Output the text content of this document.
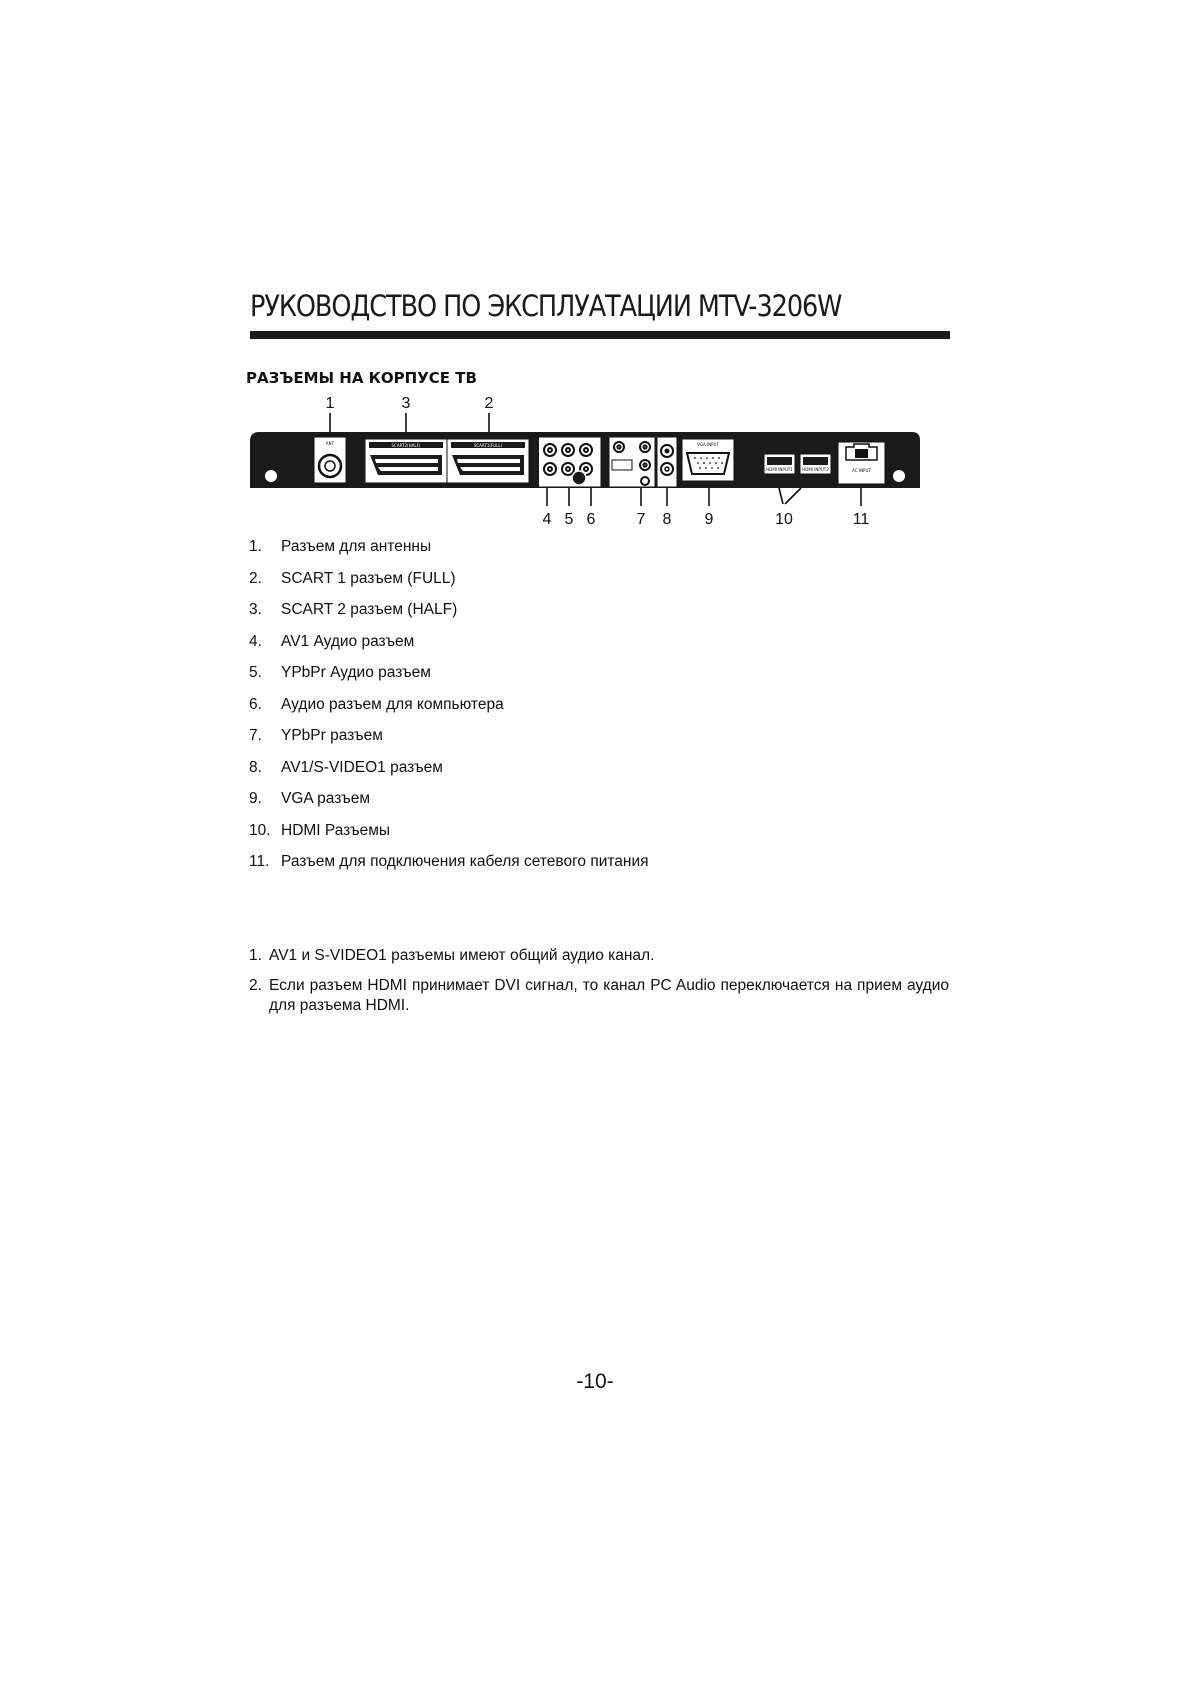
РУКОВОДСТВО ПО ЭКСПЛУАТАЦИИ MTV-3206W
РАЗЪЕМЫ НА КОРПУСЕ ТВ
1	3	2
ANT	SCART2(HALF)	SCART1(FULL)	VGA INPUT
HDMI INPUT1 HDMI INPUT2	AC INPUT
4 5 6	7 8 9	10	11
1. Разъем для антенны
2. SCART 1 разъем (FULL)
3. SCART 2 разъем (HALF)
4. AV1 Аудио разъем
5. YPbPr Аудио разъем
6. Аудио разъем для компьютера
7. YPbPr разъем
8. AV1/S-VIDEO1 разъем
9. VGA разъем
10. HDMI Разъемы
11. Разъем для подключения кабеля сетевого питания
1. AV1 и S-VIDEO1 разъемы имеют общий аудио канал.
2. Если разъем HDMI принимает DVI сигнал, то канал PC Audio переключается на прием аудио для разъема HDMI.
-10-
